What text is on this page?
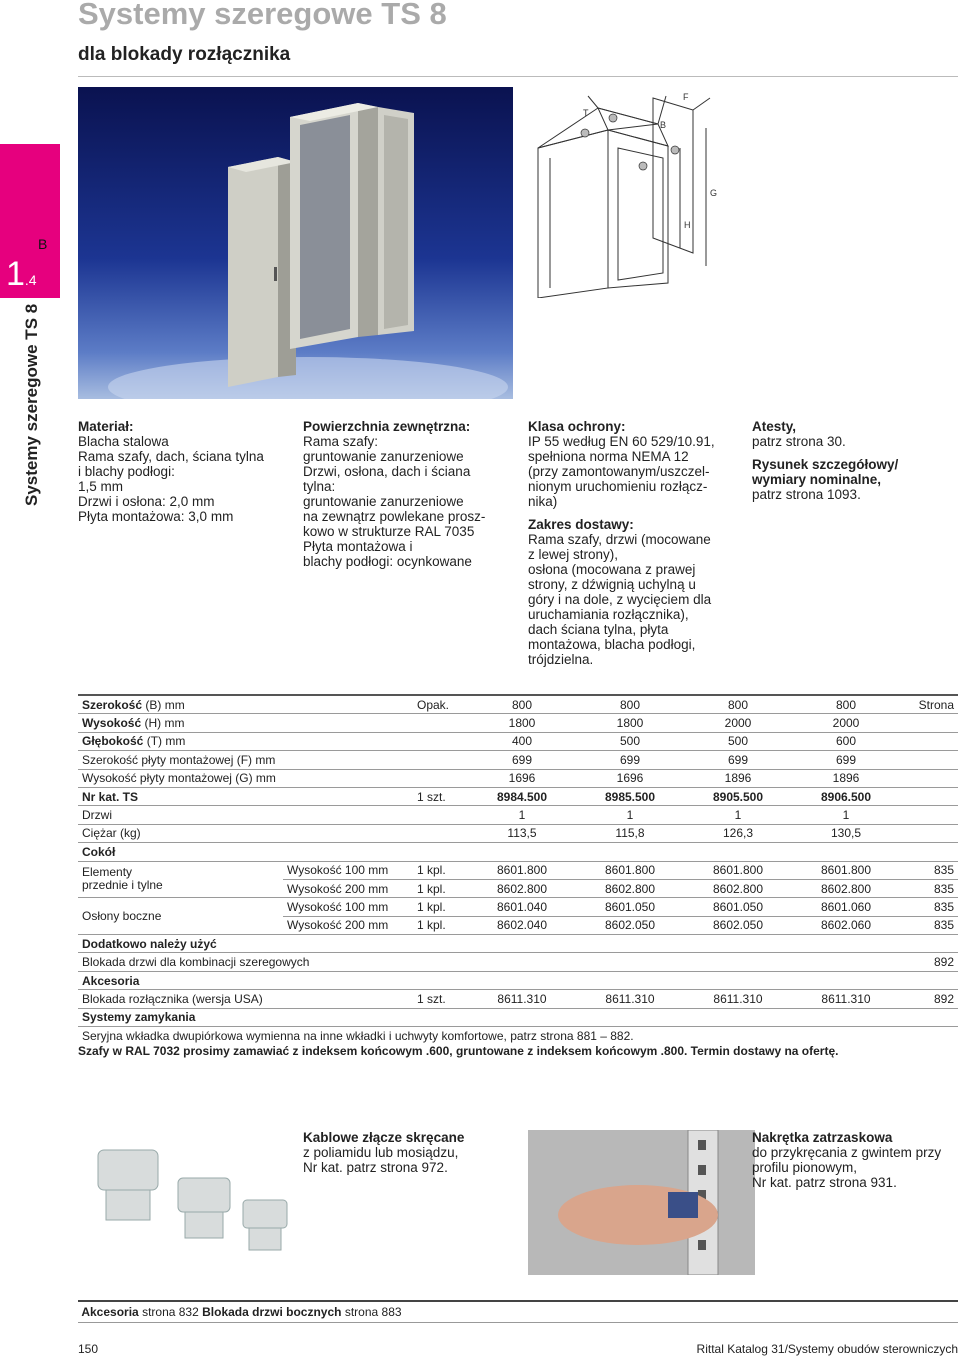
Systemy szeregowe TS 8
dla blokady rozłącznika
B
1.4
Systemy szeregowe TS 8
T
F
B
G
H
Materiał:
Blacha stalowa
Rama szafy, dach, ściana tylna
i blachy podłogi:
1,5 mm
Drzwi i osłona: 2,0 mm
Płyta montażowa: 3,0 mm
Powierzchnia zewnętrzna:
Rama szafy:
gruntowanie zanurzeniowe
Drzwi, osłona, dach i ściana
tylna:
gruntowanie zanurzeniowe
na zewnątrz powlekane prosz-
kowo w strukturze RAL 7035
Płyta montażowa i
blachy podłogi: ocynkowane
Klasa ochrony:
IP 55 według EN 60 529/10.91,
spełniona norma NEMA 12
(przy zamontowanym/uszczel-
nionym uruchomieniu rozłącz-
nika)
Zakres dostawy:
Rama szafy, drzwi (mocowane
z lewej strony),
osłona (mocowana z prawej
strony, z dźwignią uchylną u
góry i na dole, z wycięciem dla
uruchamiania rozłącznika),
dach ściana tylna, płyta
montażowa, blacha podłogi,
trójdzielna.
Atesty,
patrz strona 30.
Rysunek szczegółowy/
wymiary nominalne,
patrz strona 1093.
Szerokość (B) mm		Opak.	800	800	800	800	Strona
Wysokość (H) mm			1800	1800	2000	2000	
Głębokość (T) mm			400	500	500	600	
Szerokość płyty montażowej (F) mm			699	699	699	699	
Wysokość płyty montażowej (G) mm			1696	1696	1896	1896	
Nr kat. TS		1 szt.	8984.500	8985.500	8905.500	8906.500	
Drzwi			1	1	1	1	
Ciężar (kg)			113,5	115,8	126,3	130,5	
Cokół							
Elementy
przednie i tylne	Wysokość 100 mm	1 kpl.	8601.800	8601.800	8601.800	8601.800	835
	Wysokość 200 mm	1 kpl.	8602.800	8602.800	8602.800	8602.800	835
Osłony boczne	Wysokość 100 mm	1 kpl.	8601.040	8601.050	8601.050	8601.060	835
	Wysokość 200 mm	1 kpl.	8602.040	8602.050	8602.050	8602.060	835
Dodatkowo należy użyć							
Blokada drzwi dla kombinacji szeregowych							892
Akcesoria							
Blokada rozłącznika (wersja USA)		1 szt.	8611.310	8611.310	8611.310	8611.310	892
Systemy zamykania							
Seryjna wkładka dwupiórkowa wymienna na inne wkładki i uchwyty komfortowe, patrz strona 881 – 882.							
Szafy w RAL 7032 prosimy zamawiać z indeksem końcowym .600, gruntowane z indeksem końcowym .800. Termin dostawy na ofertę.
Kablowe złącze skręcane
z poliamidu lub mosiądzu,
Nr kat. patrz strona 972.
Nakrętka zatrzaskowa
do przykręcania z gwintem przy
profilu pionowym,
Nr kat. patrz strona 931.
Akcesoria strona 832 Blokada drzwi bocznych strona 883
150	Rittal Katalog 31/Systemy obudów sterowniczych
